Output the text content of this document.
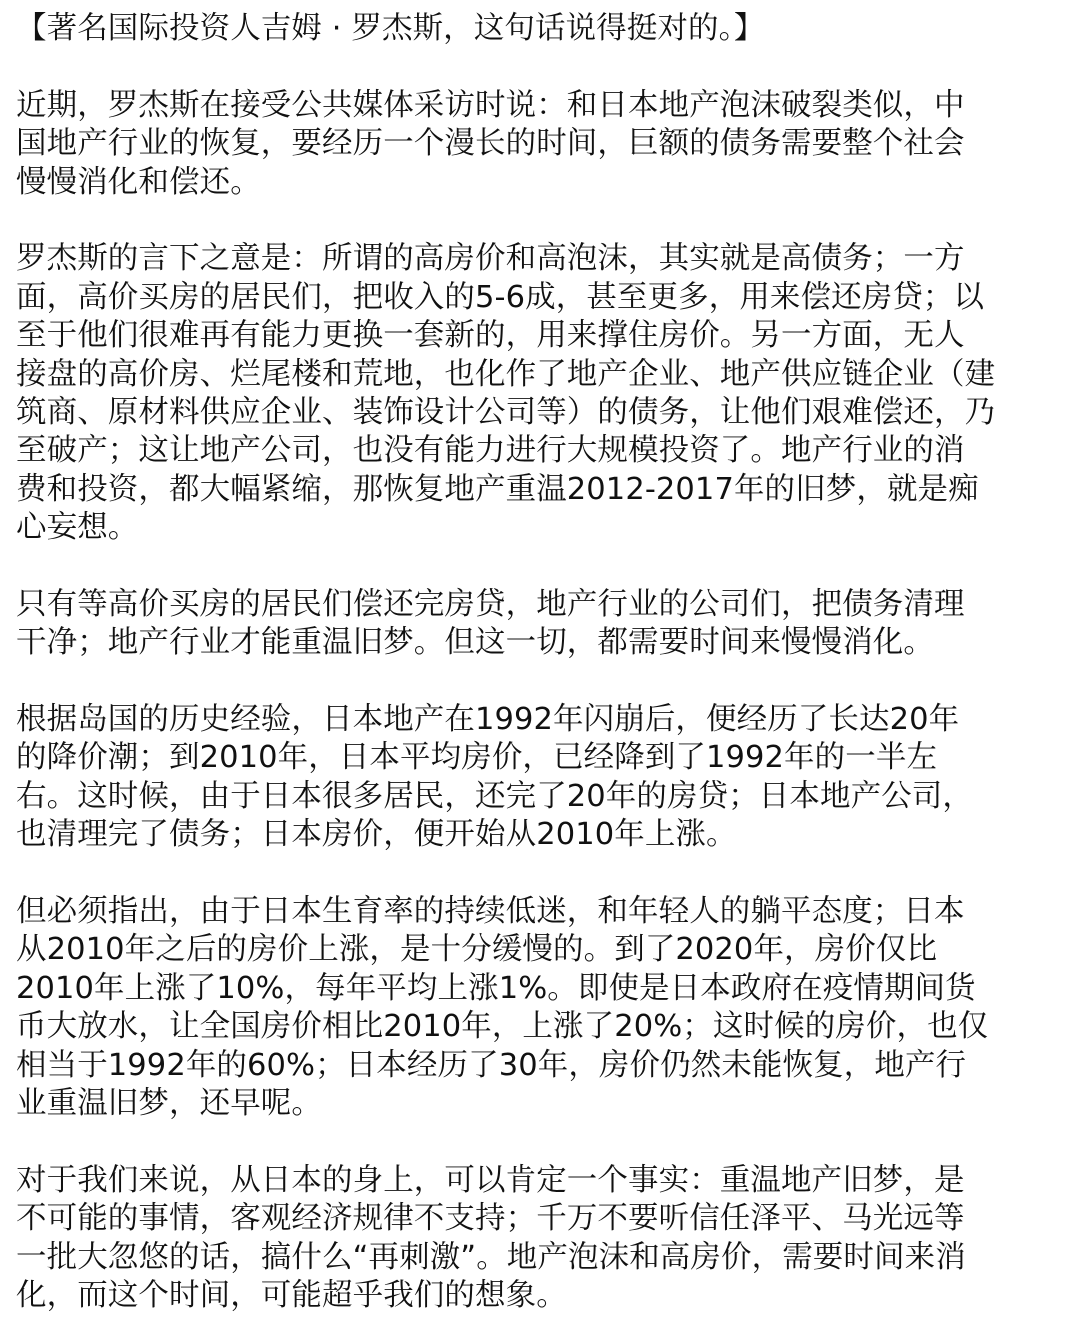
【著名国际投资人吉姆 · 罗杰斯，这句话说得挺对的。】
近期，罗杰斯在接受公共媒体采访时说：和日本地产泡沫破裂类似，中
国地产行业的恢复，要经历一个漫长的时间，巨额的债务需要整个社会
慢慢消化和偿还。
罗杰斯的言下之意是：所谓的高房价和高泡沫，其实就是高债务；一方
面，高价买房的居民们，把收入的5-6成，甚至更多，用来偿还房贷；以
至于他们很难再有能力更换一套新的，用来撑住房价。另一方面，无人
接盘的高价房、烂尾楼和荒地，也化作了地产企业、地产供应链企业（建
筑商、原材料供应企业、装饰设计公司等）的债务，让他们艰难偿还，乃
至破产；这让地产公司，也没有能力进行大规模投资了。地产行业的消
费和投资，都大幅紧缩，那恢复地产重温2012-2017年的旧梦，就是痴
心妄想。
只有等高价买房的居民们偿还完房贷，地产行业的公司们，把债务清理
干净；地产行业才能重温旧梦。但这一切，都需要时间来慢慢消化。
根据岛国的历史经验，日本地产在1992年闪崩后，便经历了长达20年
的降价潮；到2010年，日本平均房价，已经降到了1992年的一半左
右。这时候，由于日本很多居民，还完了20年的房贷；日本地产公司，
也清理完了债务；日本房价，便开始从2010年上涨。
但必须指出，由于日本生育率的持续低迷，和年轻人的躺平态度；日本
从2010年之后的房价上涨，是十分缓慢的。到了2020年，房价仅比
2010年上涨了10%，每年平均上涨1%。即使是日本政府在疫情期间货
币大放水，让全国房价相比2010年，上涨了20%；这时候的房价，也仅
相当于1992年的60%；日本经历了30年，房价仍然未能恢复，地产行
业重温旧梦，还早呢。
对于我们来说，从日本的身上，可以肯定一个事实：重温地产旧梦，是
不可能的事情，客观经济规律不支持；千万不要听信任泽平、马光远等
一批大忽悠的话，搞什么“再刺激”。地产泡沫和高房价，需要时间来消
化，而这个时间，可能超乎我们的想象。
